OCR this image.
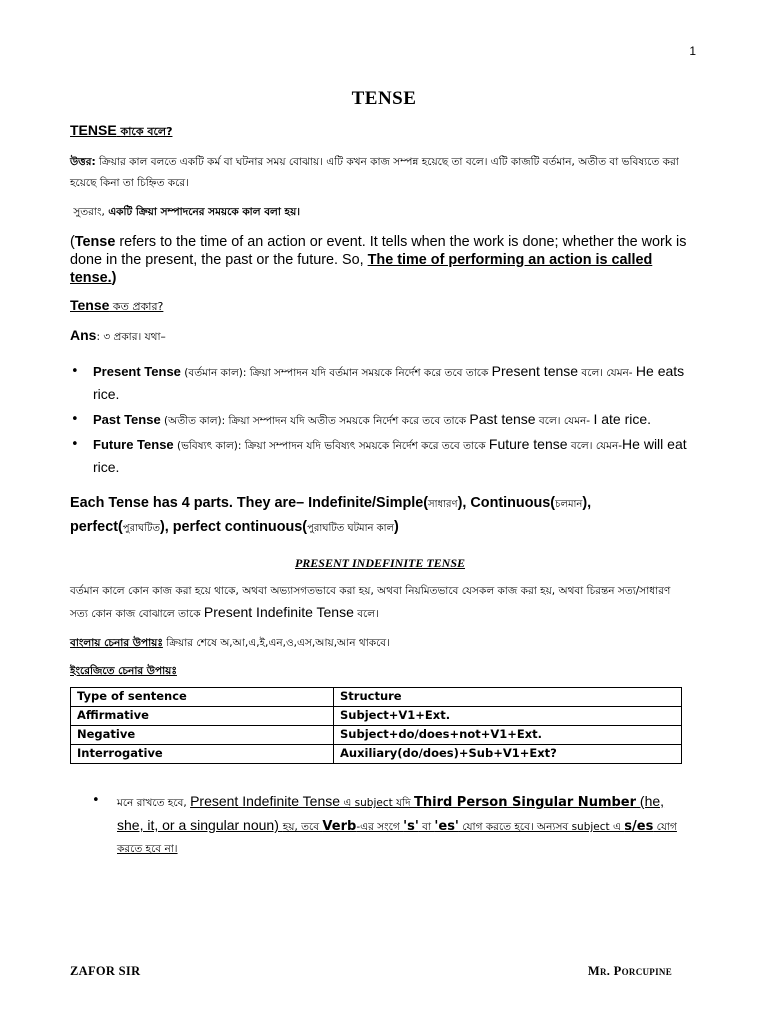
1
TENSE
TENSE কাকে বলে?

উত্তর: ক্রিয়ার কাল বলতে একটি কর্ম বা ঘটনার সময় বোঝায়। এটি কখন কাজ সম্পন্ন হয়েছে তা বলে। এটি কাজটি বর্তমান, অতীত বা ভবিষ্যতে করা হয়েছে কিনা তা চিহ্নিত করে।

সুতরাং, একটি ক্রিয়া সম্পাদনের সময়কে কাল বলা হয়।

(Tense refers to the time of an action or event. It tells when the work is done; whether the work is done in the present, the past or the future. So, The time of performing an action is called tense.)

Tense কত প্রকার?
Ans: ৩ প্রকার। যথা–
• Present Tense (বর্তমান কাল): ক্রিয়া সম্পাদন যদি বর্তমান সময়কে নির্দেশ করে তবে তাকে Present tense বলে। যেমন- He eats rice.
• Past Tense (অতীত কাল): ক্রিয়া সম্পাদন যদি অতীত সময়কে নির্দেশ করে তবে তাকে Past tense বলে। যেমন- I ate rice.
• Future Tense (ভবিষ্যৎ কাল): ক্রিয়া সম্পাদন যদি ভবিষ্যৎ সময়কে নির্দেশ করে তবে তাকে Future tense বলে। যেমন-He will eat rice.

Each Tense has 4 parts. They are– Indefinite/Simple(সাধারণ), Continuous(চলমান), perfect(পুরাঘটিত), perfect continuous(পুরাঘটিত ঘটমান কাল)

PRESENT INDEFINITE TENSE

বর্তমান কালে কোন কাজ করা হয়ে থাকে, অথবা অভ্যাসগতভাবে করা হয়, অথবা নিয়মিতভাবে যেসকল কাজ করা হয়, অথবা চিরন্তন সত্য/সাধারণ সত্য কোন কাজ বোঝালে তাকে Present Indefinite Tense বলে।

বাংলায় চেনার উপায়ঃ ক্রিয়ার শেষে অ,আ,এ,ই,এন,ও,এস,আয়,আন থাকবে।

ইংরেজিতে চেনার উপায়ঃ

Type of sentence	Structure
Affirmative	Subject+V1+Ext.
Negative	Subject+do/does+not+V1+Ext.
Interrogative	Auxiliary(do/does)+Sub+V1+Ext?
• মনে রাখতে হবে, Present Indefinite Tense এ subject যদি Third Person Singular Number (he, she, it, or a singular noun) হয়, তবে Verb-এর সংগে 's' বা 'es' যোগ করতে হবে। অন্যসব subject এ s/es যোগ করতে হবে না।
ZAFOR SIR	Mr. Porcupine
